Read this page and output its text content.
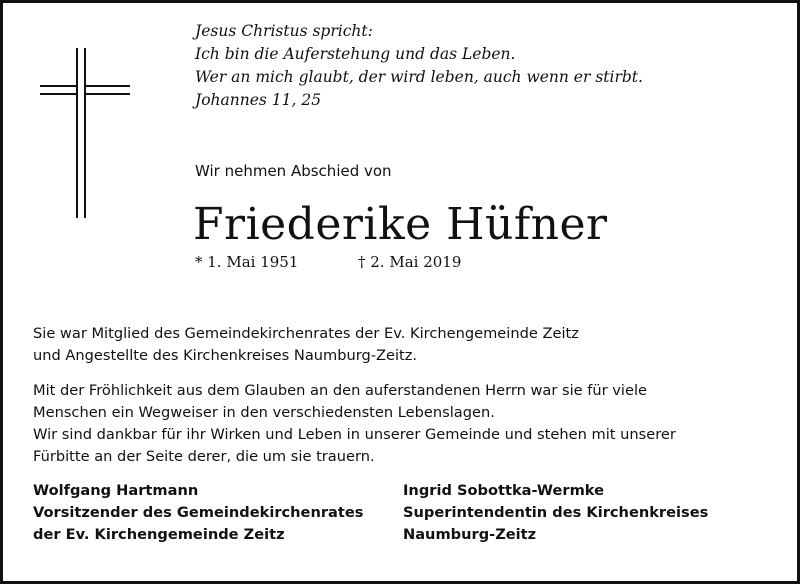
Jesus Christus spricht:
Ich bin die Auferstehung und das Leben.
Wer an mich glaubt, der wird leben, auch wenn er stirbt.
Johannes 11, 25
Wir nehmen Abschied von
Friederike Hüfner
* 1. Mai 1951	† 2. Mai 2019

Sie war Mitglied des Gemeindekirchenrates der Ev. Kirchengemeinde Zeitz
und Angestellte des Kirchenkreises Naumburg-Zeitz.

Mit der Fröhlichkeit aus dem Glauben an den auferstandenen Herrn war sie für viele
Menschen ein Wegweiser in den verschiedensten Lebenslagen.
Wir sind dankbar für ihr Wirken und Leben in unserer Gemeinde und stehen mit unserer
Fürbitte an der Seite derer, die um sie trauern.

Wolfgang Hartmann
Vorsitzender des Gemeindekirchenrates
der Ev. Kirchengemeinde Zeitz
Ingrid Sobottka-Wermke
Superintendentin des Kirchenkreises
Naumburg-Zeitz
